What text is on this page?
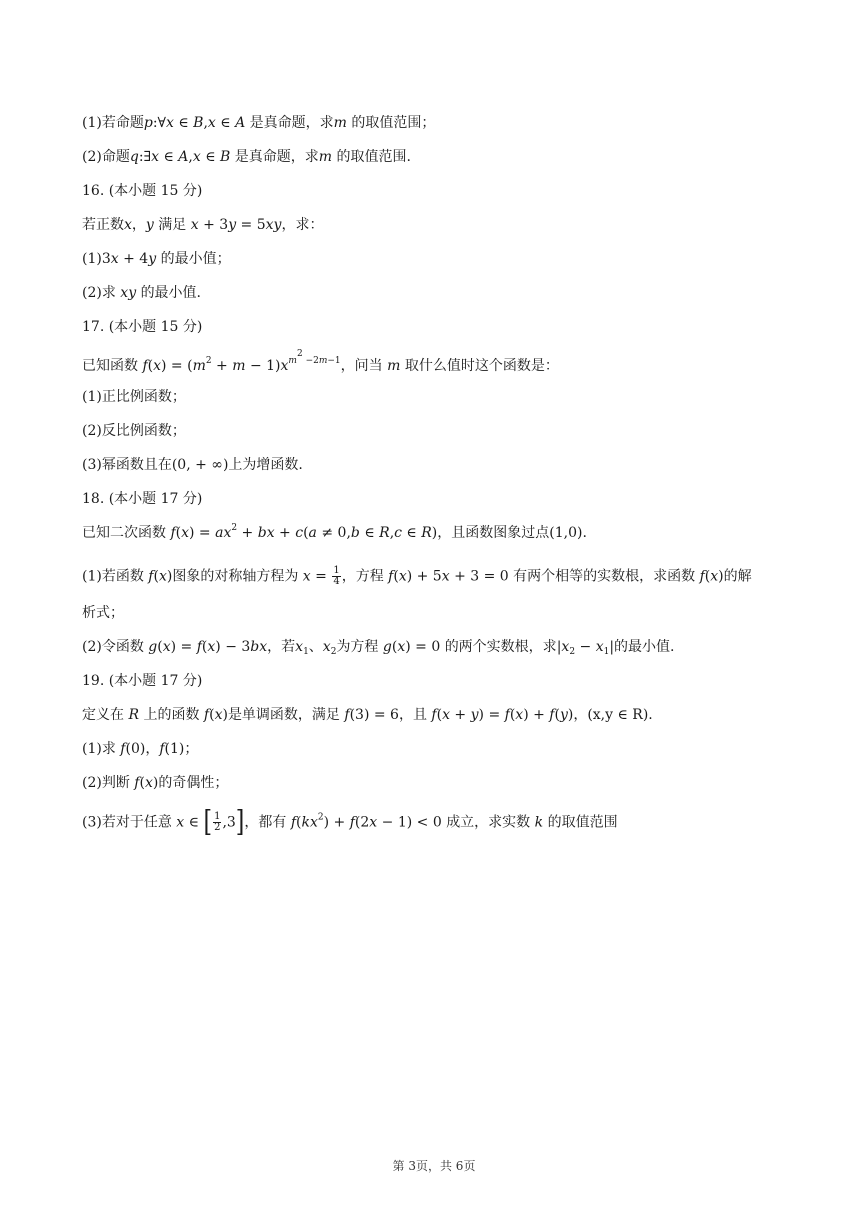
(1)若命题p:∀x ∈ B,x ∈ A 是真命题，求m 的取值范围；
(2)命题q:∃x ∈ A,x ∈ B 是真命题，求m 的取值范围.
16. (本小题 15 分)
若正数x，y 满足 x + 3y = 5xy，求：
(1)3x + 4y 的最小值；
(2)求 xy 的最小值.
17. (本小题 15 分)
已知函数 $f(x) = (m^2 + m - 1)x^{m^2 -2m-1}$，问当 m 取什么值时这个函数是：
(1)正比例函数；
(2)反比例函数；
(3)幂函数且在(0, + ∞)上为增函数.
18. (本小题 17 分)
已知二次函数 $f(x) = ax^2$ + bx + c(a ≠ 0,b ∈ R,c ∈ R)，且函数图象过点(1,0).
(1)若函数 f(x)图象的对称轴方程为 $x = \frac{1}{4}$ ，方程 f(x) + 5x + 3 = 0 有两个相等的实数根，求函数 f(x)的解
析式；
(2)令函数 g(x) = f(x) − 3bx，若$x_1$、$x_2$为方程 g(x) = 0 的两个实数根，求$|x_2 - x_1|$的最小值.
19. (本小题 17 分)
定义在 R 上的函数 f(x)是单调函数，满足 f(3) = 6，且 f(x + y) = f(x) + f(y)，(x,y ∈ R).
(1)求 f(0)，f(1)；
(2)判断 f(x)的奇偶性；
(3)若对于任意 x ∈ [ $\frac{1}{2} ,3$]，都有 $f(kx^2) + f(2x - 1) < 0$ 成立，求实数 k 的取值范围
第 3页，共 6页
